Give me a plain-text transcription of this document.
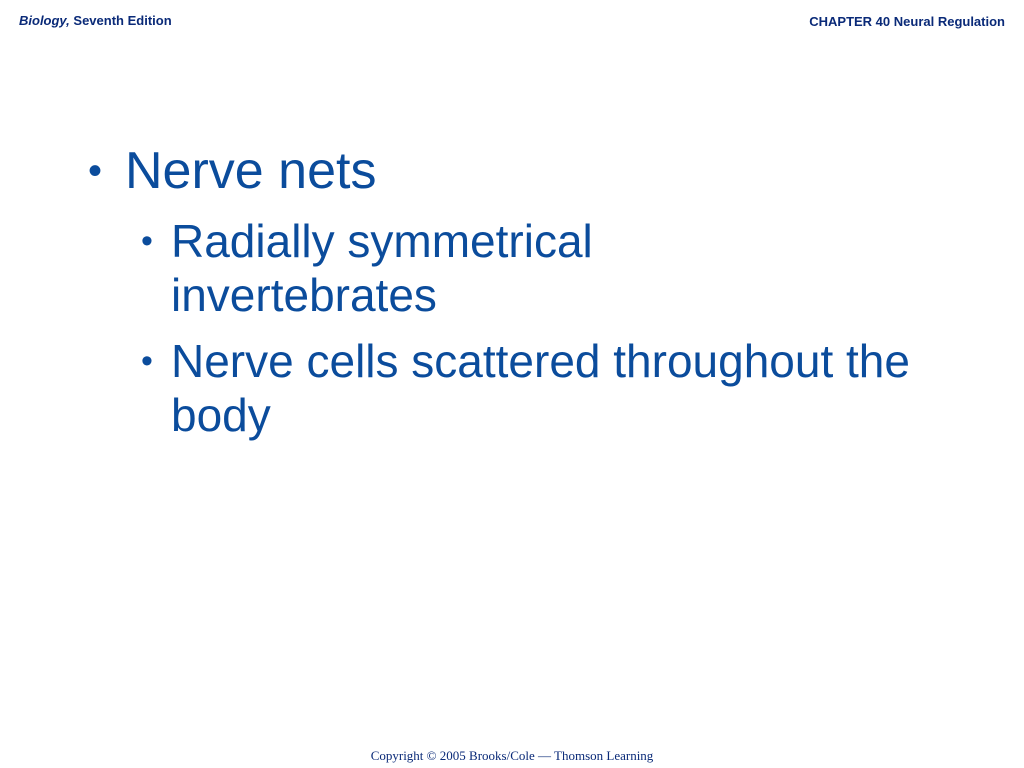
Biology, Seventh Edition	CHAPTER 40 Neural Regulation
• Nerve nets
• Radially symmetrical invertebrates
• Nerve cells scattered throughout the body
Copyright © 2005 Brooks/Cole — Thomson Learning
